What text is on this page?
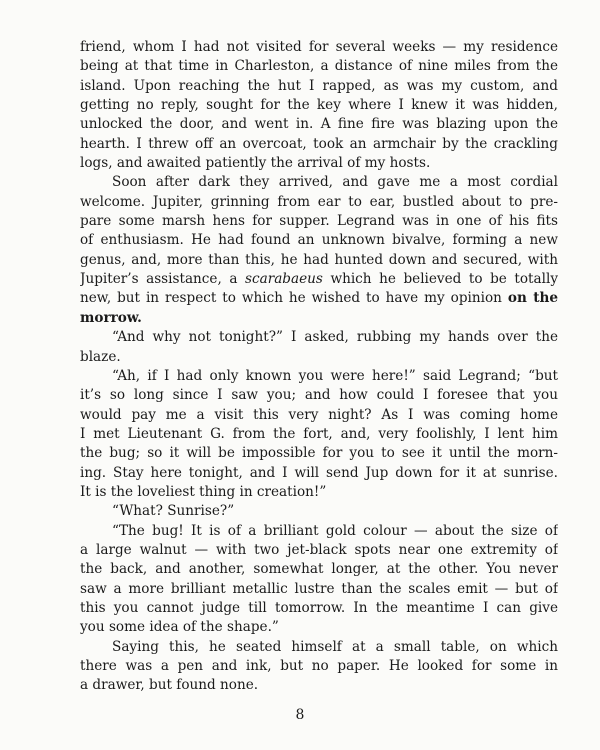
friend, whom I had not visited for several weeks — my residence
being at that time in Charleston, a distance of nine miles from the
island. Upon reaching the hut I rapped, as was my custom, and
getting no reply, sought for the key where I knew it was hidden,
unlocked the door, and went in. A fine fire was blazing upon the
hearth. I threw off an overcoat, took an armchair by the crackling
logs, and awaited patiently the arrival of my hosts.
Soon after dark they arrived, and gave me a most cordial
welcome. Jupiter, grinning from ear to ear, bustled about to pre-
pare some marsh hens for supper. Legrand was in one of his fits
of enthusiasm. He had found an unknown bivalve, forming a new
genus, and, more than this, he had hunted down and secured, with
Jupiter’s assistance, a scarabaeus which he believed to be totally
new, but in respect to which he wished to have my opinion on the
morrow.
“And why not tonight?” I asked, rubbing my hands over the
blaze.
“Ah, if I had only known you were here!” said Legrand; “but
it’s so long since I saw you; and how could I foresee that you
would pay me a visit this very night? As I was coming home
I met Lieutenant G. from the fort, and, very foolishly, I lent him
the bug; so it will be impossible for you to see it until the morn-
ing. Stay here tonight, and I will send Jup down for it at sunrise.
It is the loveliest thing in creation!”
“What? Sunrise?”
“The bug! It is of a brilliant gold colour — about the size of
a large walnut — with two jet-black spots near one extremity of
the back, and another, somewhat longer, at the other. You never
saw a more brilliant metallic lustre than the scales emit — but of
this you cannot judge till tomorrow. In the meantime I can give
you some idea of the shape.”
Saying this, he seated himself at a small table, on which
there was a pen and ink, but no paper. He looked for some in
a drawer, but found none.
8
